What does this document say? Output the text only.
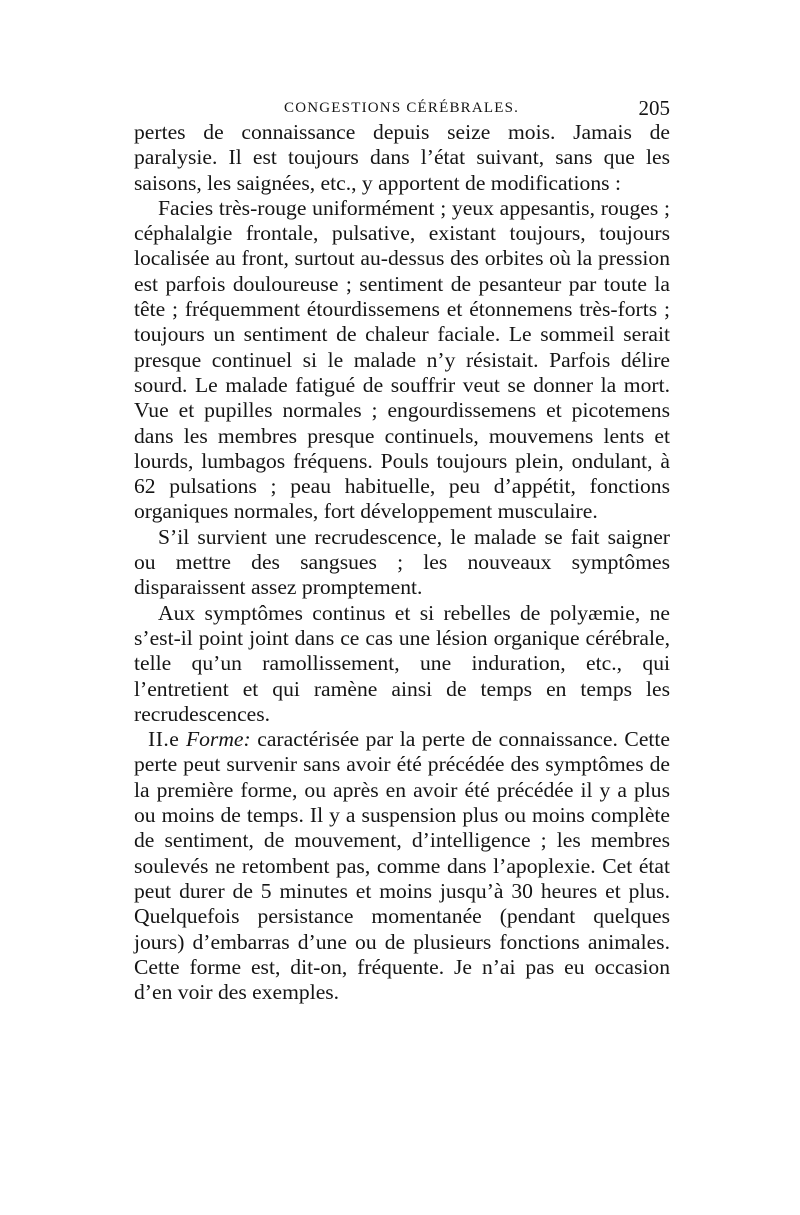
CONGESTIONS CÉRÉBRALES.	205

pertes de connaissance depuis seize mois. Jamais de paralysie. Il est toujours dans l’état suivant, sans que les saisons, les saignées, etc., y apportent de modifications :

Facies très-rouge uniformément ; yeux appesantis, rouges ; céphalalgie frontale, pulsative, existant toujours, toujours localisée au front, surtout au-dessus des orbites où la pression est parfois douloureuse ; sentiment de pesanteur par toute la tête ; fréquemment étourdissemens et étonnemens très-forts ; toujours un sentiment de chaleur faciale. Le sommeil serait presque continuel si le malade n’y résistait. Parfois délire sourd. Le malade fatigué de souffrir veut se donner la mort. Vue et pupilles normales ; engourdissemens et picotemens dans les membres presque continuels, mouvemens lents et lourds, lumbagos fréquens. Pouls toujours plein, ondulant, à 62 pulsations ; peau habituelle, peu d’appétit, fonctions organiques normales, fort développement musculaire.

S’il survient une recrudescence, le malade se fait saigner ou mettre des sangsues ; les nouveaux symptômes disparaissent assez promptement.

Aux symptômes continus et si rebelles de polyæmie, ne s’est-il point joint dans ce cas une lésion organique cérébrale, telle qu’un ramollissement, une induration, etc., qui l’entretient et qui ramène ainsi de temps en temps les recrudescences.

II.e Forme: caractérisée par la perte de connaissance. Cette perte peut survenir sans avoir été précédée des symptômes de la première forme, ou après en avoir été précédée il y a plus ou moins de temps. Il y a suspension plus ou moins complète de sentiment, de mouvement, d’intelligence ; les membres soulevés ne retombent pas, comme dans l’apoplexie. Cet état peut durer de 5 minutes et moins jusqu’à 30 heures et plus. Quelquefois persistance momentanée (pendant quelques jours) d’embarras d’une ou de plusieurs fonctions animales. Cette forme est, dit-on, fréquente. Je n’ai pas eu occasion d’en voir des exemples.
